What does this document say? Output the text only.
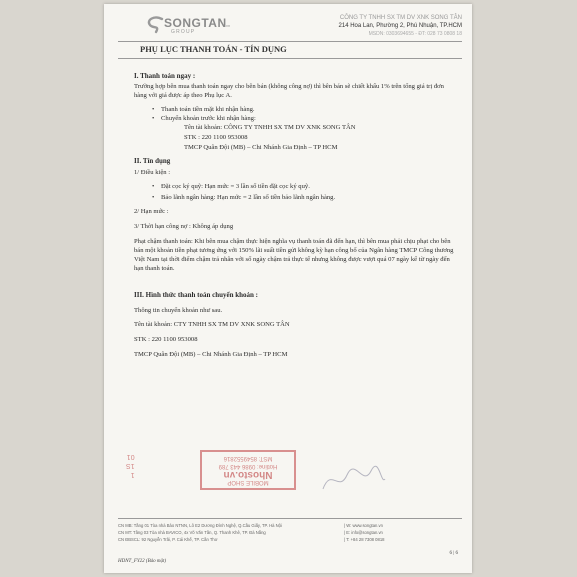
SONGTAN
GROUP
vn
CÔNG TY TNHH SX TM DV XNK SONG TÂN
214 Hoa Lan, Phường 2, Phú Nhuận, TP.HCM
MSDN: 0303694655 - ĐT: 028 73 0808 18
PHỤ LỤC THANH TOÁN - TÍN DỤNG

I. Thanh toán ngay :

Trường hợp bên mua thanh toán ngay cho bên bán (không công nợ) thì bên bán sẽ chiết khấu 1% trên tổng giá trị đơn hàng với giá được áp theo Phụ lục A.

• Thanh toán tiền mặt khi nhận hàng.
• Chuyển khoản trước khi nhận hàng:
Tên tài khoản: CÔNG TY TNHH SX TM DV XNK SONG TÂN
STK : 220 1100 953008
TMCP Quân Đội (MB) – Chi Nhánh Gia Định – TP HCM

II. Tín dụng

1/ Điều kiện :

• Đặt cọc ký quỹ: Hạn mức = 3 lần số tiền đặt cọc ký quỹ.
• Bảo lãnh ngân hàng: Hạn mức = 2 lần số tiền bảo lãnh ngân hàng.

2/ Hạn mức :

3/ Thời hạn công nợ : Không áp dụng

Phạt chậm thanh toán: Khi bên mua chậm thực hiện nghĩa vụ thanh toán đã đến hạn, thì bên mua phải chịu phạt cho bên bán một khoản tiền phạt tương ứng với 150% lãi suất tiền gửi không kỳ hạn công bố của Ngân hàng TMCP Công thương Việt Nam tại thời điểm chậm trả nhân với số ngày chậm trả thực tế nhưng không được vượt quá 07 ngày kể từ ngày đến hạn thanh toán.

III. Hình thức thanh toán chuyển khoản :

Thông tin chuyển khoản như sau.

Tên tài khoản: CTY TNHH SX TM DV XNK SONG TÂN

STK : 220 1100 953008

TMCP Quân Đội (MB) – Chi Nhánh Gia Định – TP HCM

1
1S
01
MOBILE SHOP
Nhosto.vn
Hotline: 0986 443 789
MST: 8549552816
CN MB: Tầng 01 Tòa nhà Bảo NTNN, Lô E2 Dương Đình Nghệ, Q.Cầu Giấy, TP. Hà Nội
CN MT: Tầng 03 Tòa nhà BAVICO, 4x Võ Văn Tần, Q. Thanh Khê, TP. Đà Nẵng
CN ĐBSCL: 92 Nguyễn Trãi, P. Cái Khế, TP. Cần Thơ
| W: www.songtan.vn
| E: info@songtan.vn
| T: +84 28 7308 0818
HDNT_FY22 (Bảo mật)
6 | 6
